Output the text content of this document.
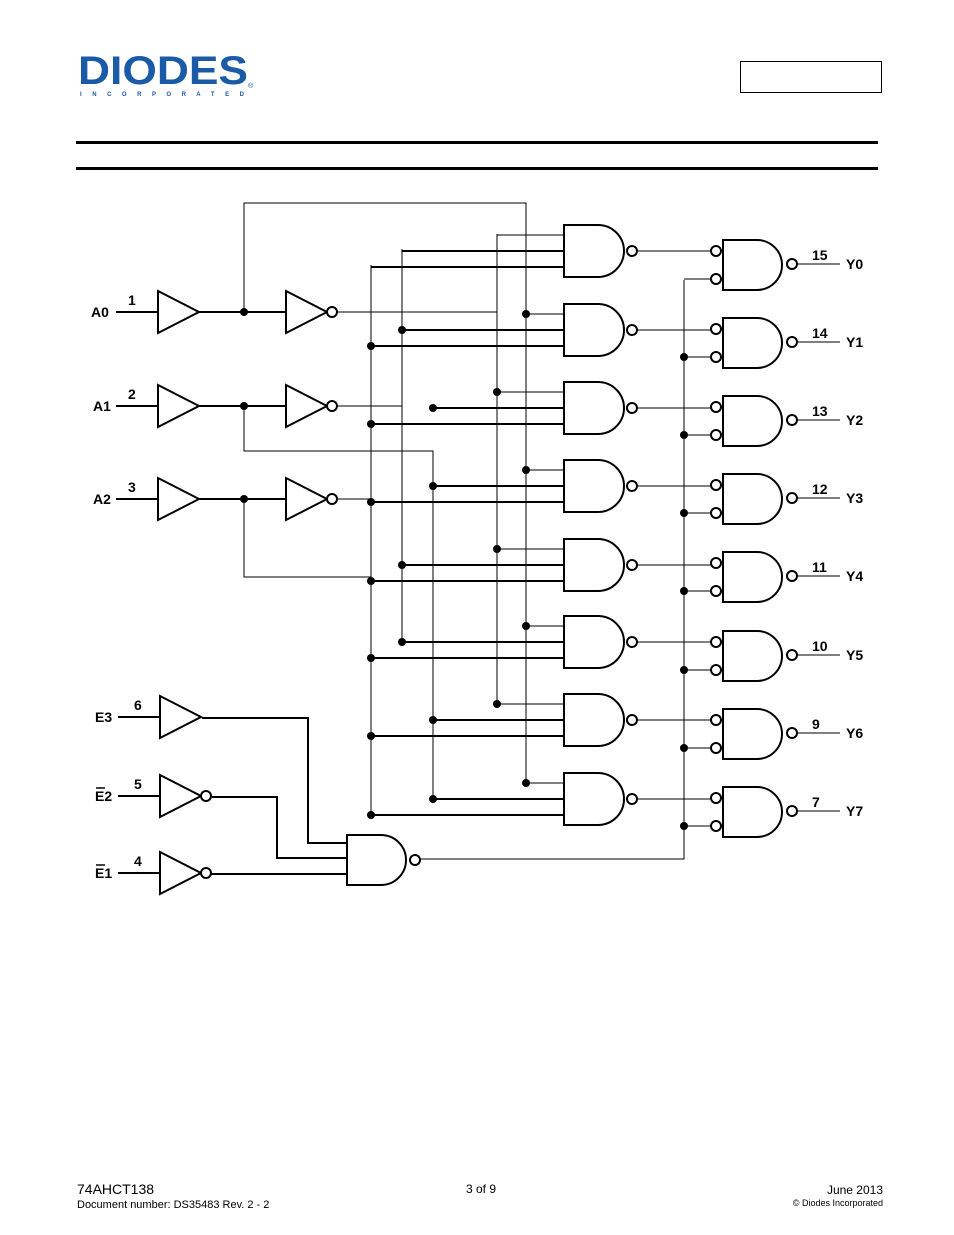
DIODES ®
I N C O R P O R A T E D
A0
1
A1
2
A2
3
E3
6
E2
5
E1
4
15
Y0
14
Y1
13
Y2
12
Y3
11
Y4
10
Y5
9
Y6
7
Y7
74AHCT138
Document number: DS35483 Rev. 2 - 2
3 of 9	June 2013
© Diodes Incorporated
